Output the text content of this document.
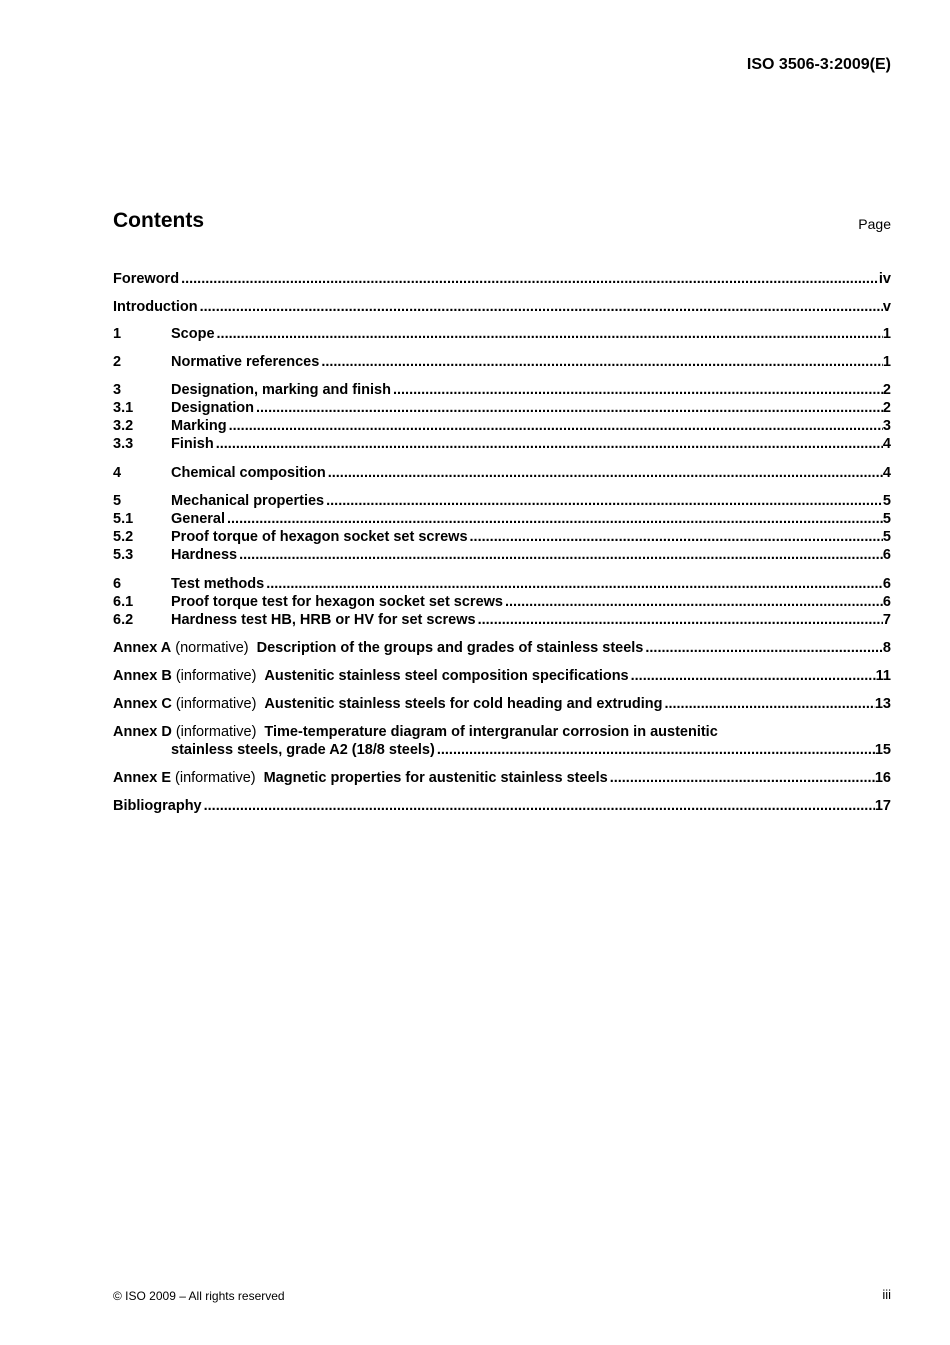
ISO 3506-3:2009(E)
Contents	Page
Foreword .....	iv
Introduction .....	v
1	Scope .....	1
2	Normative references .....	1
3	Designation, marking and finish .....	2
3.1	Designation .....	2
3.2	Marking .....	3
3.3	Finish .....	4
4	Chemical composition .....	4
5	Mechanical properties .....	5
5.1	General .....	5
5.2	Proof torque of hexagon socket set screws .....	5
5.3	Hardness .....	6
6	Test methods .....	6
6.1	Proof torque test for hexagon socket set screws .....	6
6.2	Hardness test HB, HRB or HV for set screws .....	7
Annex A (normative) Description of the groups and grades of stainless steels .....	8
Annex B (informative) Austenitic stainless steel composition specifications .....	11
Annex C (informative) Austenitic stainless steels for cold heading and extruding .....	13
Annex D (informative) Time-temperature diagram of intergranular corrosion in austenitic
stainless steels, grade A2 (18/8 steels) .....	15
Annex E (informative) Magnetic properties for austenitic stainless steels .....	16
Bibliography .....	17
© ISO 2009 – All rights reserved	iii
